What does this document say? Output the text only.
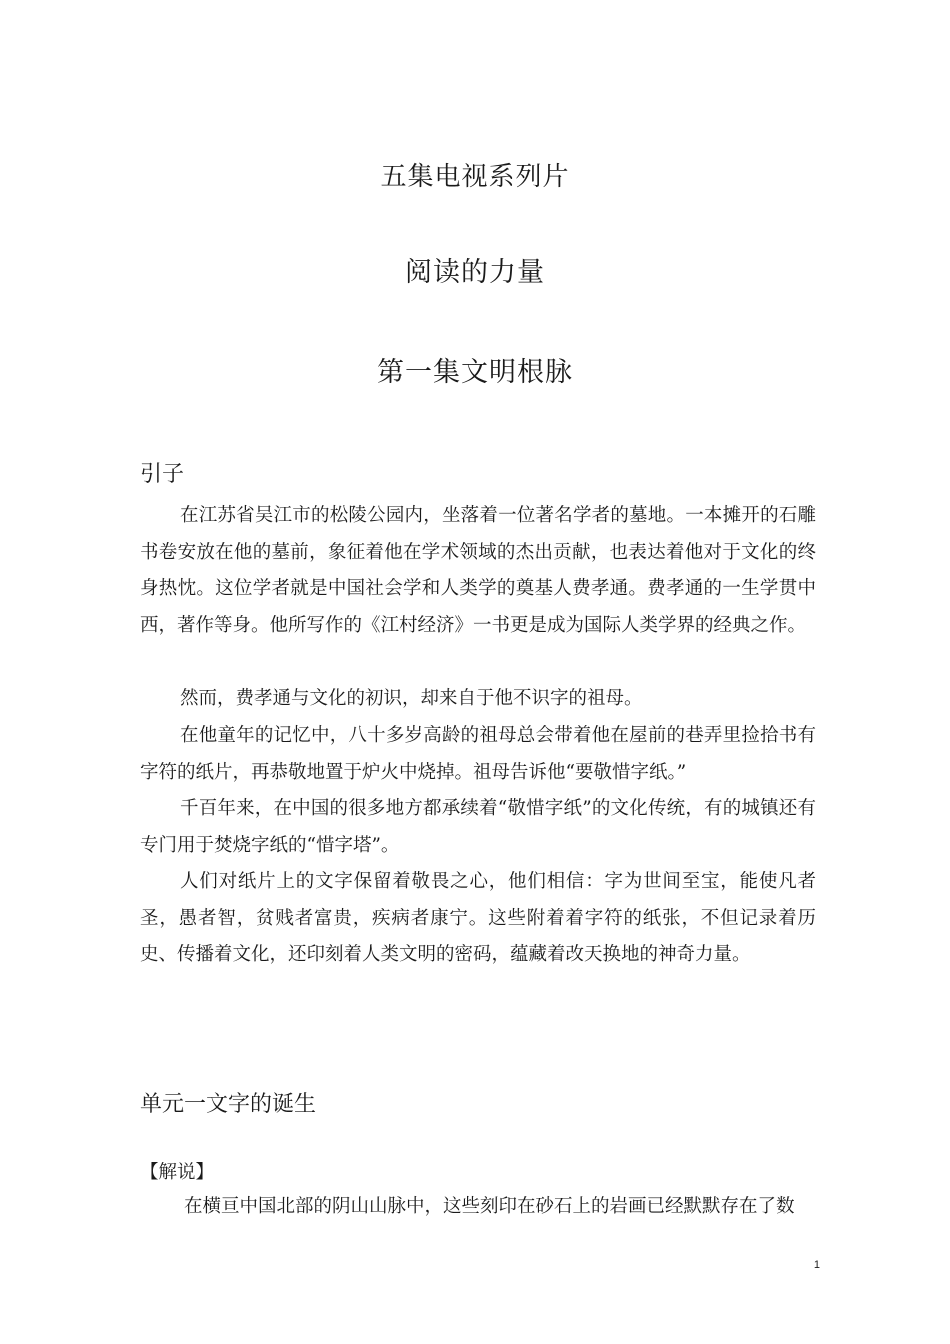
五集电视系列片
阅读的力量
第一集文明根脉
引子

在江苏省吴江市的松陵公园内，坐落着一位著名学者的墓地。一本摊开的石雕书卷安放在他的墓前，象征着他在学术领域的杰出贡献，也表达着他对于文化的终身热忱。这位学者就是中国社会学和人类学的奠基人费孝通。费孝通的一生学贯中西，著作等身。他所写作的《江村经济》一书更是成为国际人类学界的经典之作。

然而，费孝通与文化的初识，却来自于他不识字的祖母。

在他童年的记忆中，八十多岁高龄的祖母总会带着他在屋前的巷弄里捡拾书有字符的纸片，再恭敬地置于炉火中烧掉。祖母告诉他“要敬惜字纸。”

千百年来，在中国的很多地方都承续着“敬惜字纸”的文化传统，有的城镇还有专门用于焚烧字纸的“惜字塔”。

人们对纸片上的文字保留着敬畏之心，他们相信：字为世间至宝，能使凡者圣，愚者智，贫贱者富贵，疾病者康宁。这些附着着字符的纸张，不但记录着历史、传播着文化，还印刻着人类文明的密码，蕴藏着改天换地的神奇力量。

单元一文字的诞生
【解说】

在横亘中国北部的阴山山脉中，这些刻印在砂石上的岩画已经默默存在了数

1
